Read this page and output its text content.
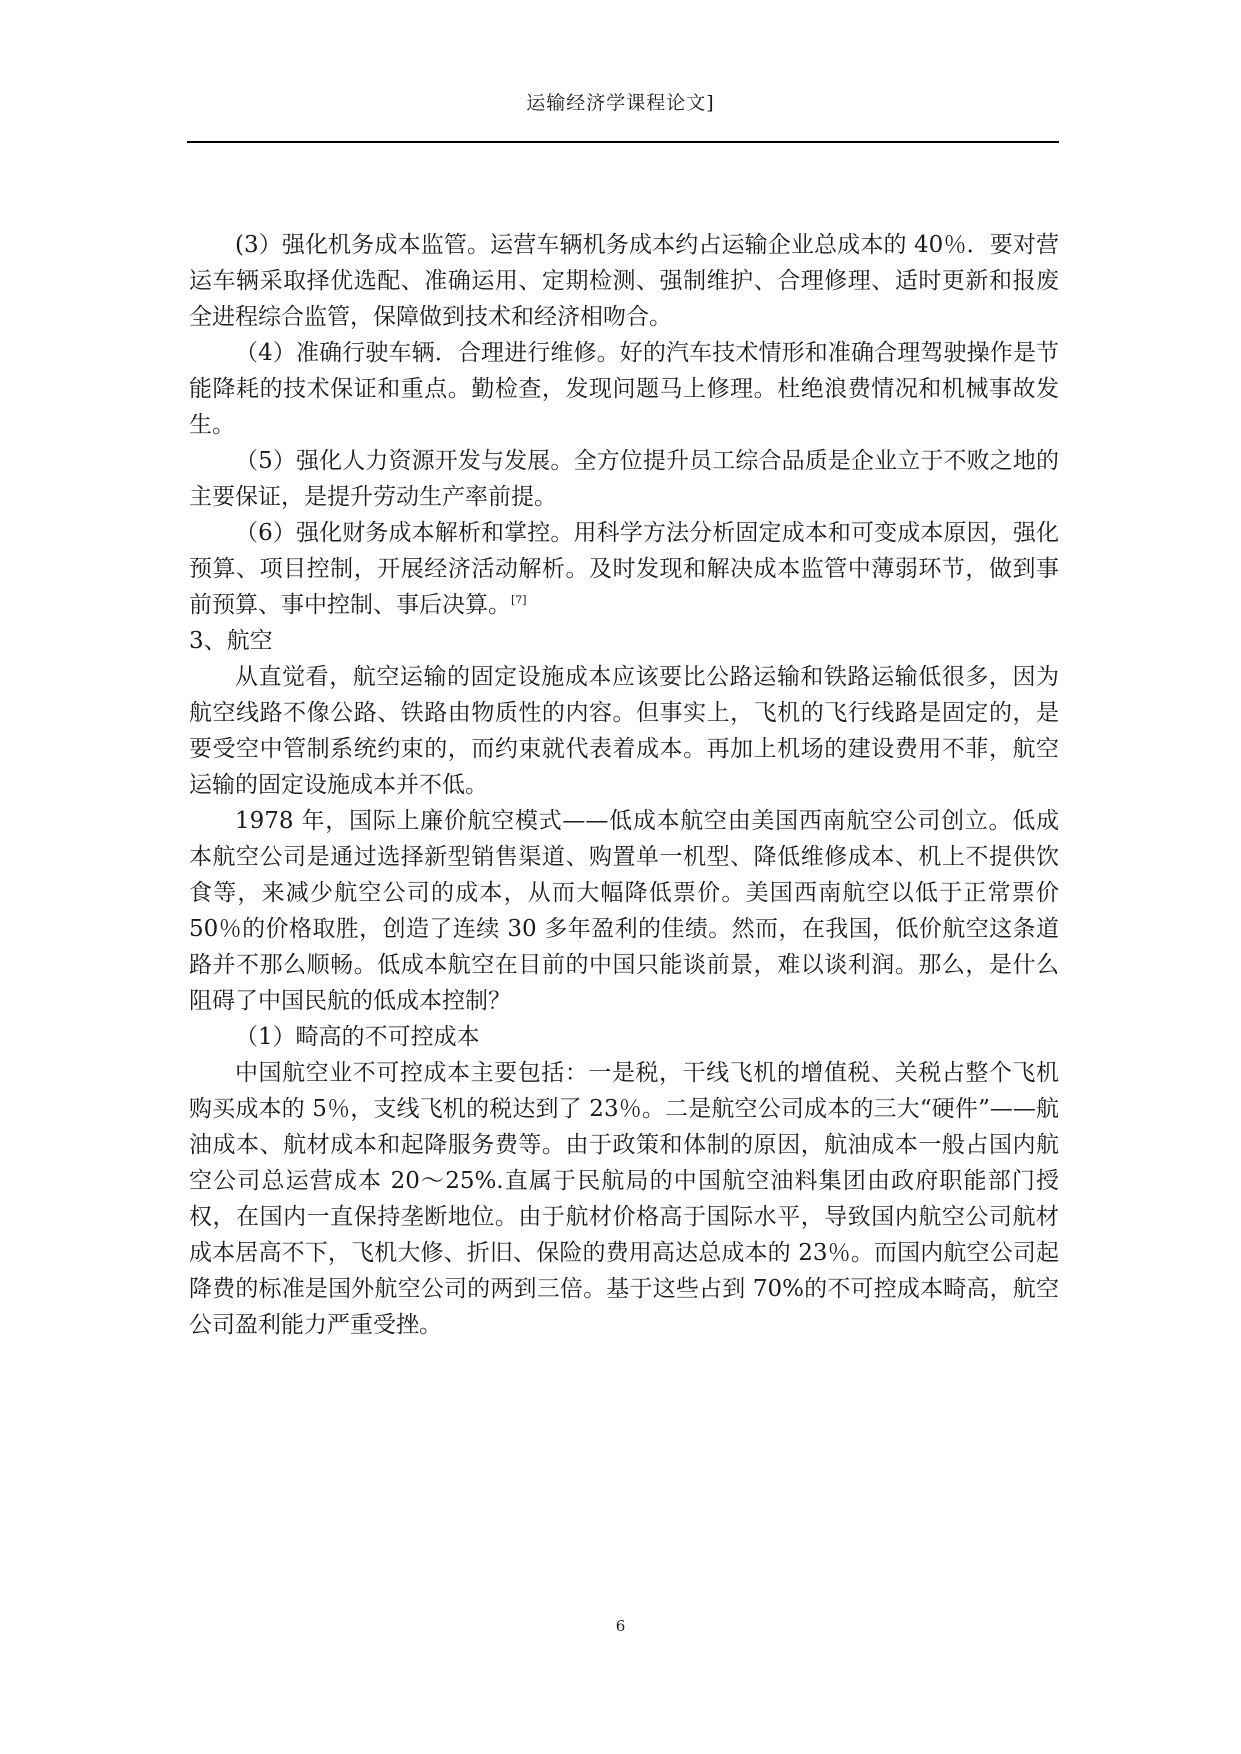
运输经济学课程论文]

(3）强化机务成本监管。运营车辆机务成本约占运输企业总成本的 40％．要对营运车辆采取择优选配、准确运用、定期检测、强制维护、合理修理、适时更新和报废全进程综合监管，保障做到技术和经济相吻合。

（4）准确行驶车辆．合理进行维修。好的汽车技术情形和准确合理驾驶操作是节能降耗的技术保证和重点。勤检查，发现问题马上修理。杜绝浪费情况和机械事故发生。

（5）强化人力资源开发与发展。全方位提升员工综合品质是企业立于不败之地的主要保证，是提升劳动生产率前提。

（6）强化财务成本解析和掌控。用科学方法分析固定成本和可变成本原因，强化预算、项目控制，开展经济活动解析。及时发现和解决成本监管中薄弱环节，做到事前预算、事中控制、事后决算。[7]

3、航空

从直觉看，航空运输的固定设施成本应该要比公路运输和铁路运输低很多，因为航空线路不像公路、铁路由物质性的内容。但事实上，飞机的飞行线路是固定的，是要受空中管制系统约束的，而约束就代表着成本。再加上机场的建设费用不菲，航空运输的固定设施成本并不低。

1978 年，国际上廉价航空模式——低成本航空由美国西南航空公司创立。低成本航空公司是通过选择新型销售渠道、购置单一机型、降低维修成本、机上不提供饮食等，来减少航空公司的成本，从而大幅降低票价。美国西南航空以低于正常票价 50％的价格取胜，创造了连续 30 多年盈利的佳绩。然而，在我国，低价航空这条道路并不那么顺畅。低成本航空在目前的中国只能谈前景，难以谈利润。那么，是什么阻碍了中国民航的低成本控制？

（1）畸高的不可控成本

中国航空业不可控成本主要包括：一是税，干线飞机的增值税、关税占整个飞机购买成本的 5％，支线飞机的税达到了 23％。二是航空公司成本的三大“硬件”——航油成本、航材成本和起降服务费等。由于政策和体制的原因，航油成本一般占国内航空公司总运营成本 20～25%.直属于民航局的中国航空油料集团由政府职能部门授权，在国内一直保持垄断地位。由于航材价格高于国际水平，导致国内航空公司航材成本居高不下，飞机大修、折旧、保险的费用高达总成本的 23％。而国内航空公司起降费的标准是国外航空公司的两到三倍。基于这些占到 70%的不可控成本畸高，航空公司盈利能力严重受挫。

6
